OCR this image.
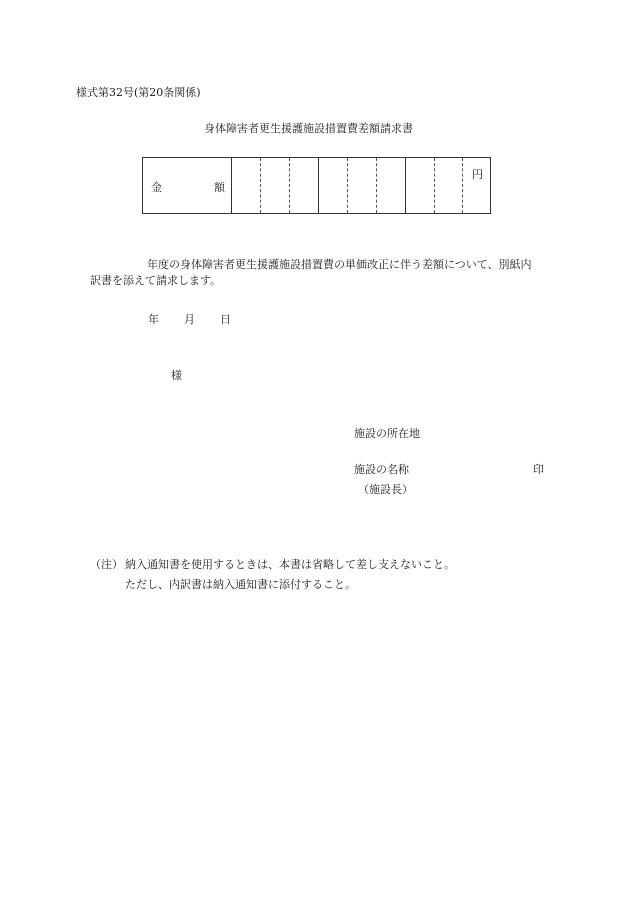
様式第32号(第20条関係)
身体障害者更生援護施設措置費差額請求書
金	額
円
年度の身体障害者更生援護施設措置費の単価改正に伴う差額について、別紙内
訳書を添えて請求します。
年 月 日
様
施設の所在地
施設の名称	印
（施設長）
（注） 納入通知書を使用するときは、本書は省略して差し支えないこと。
ただし、内訳書は納入通知書に添付すること。
